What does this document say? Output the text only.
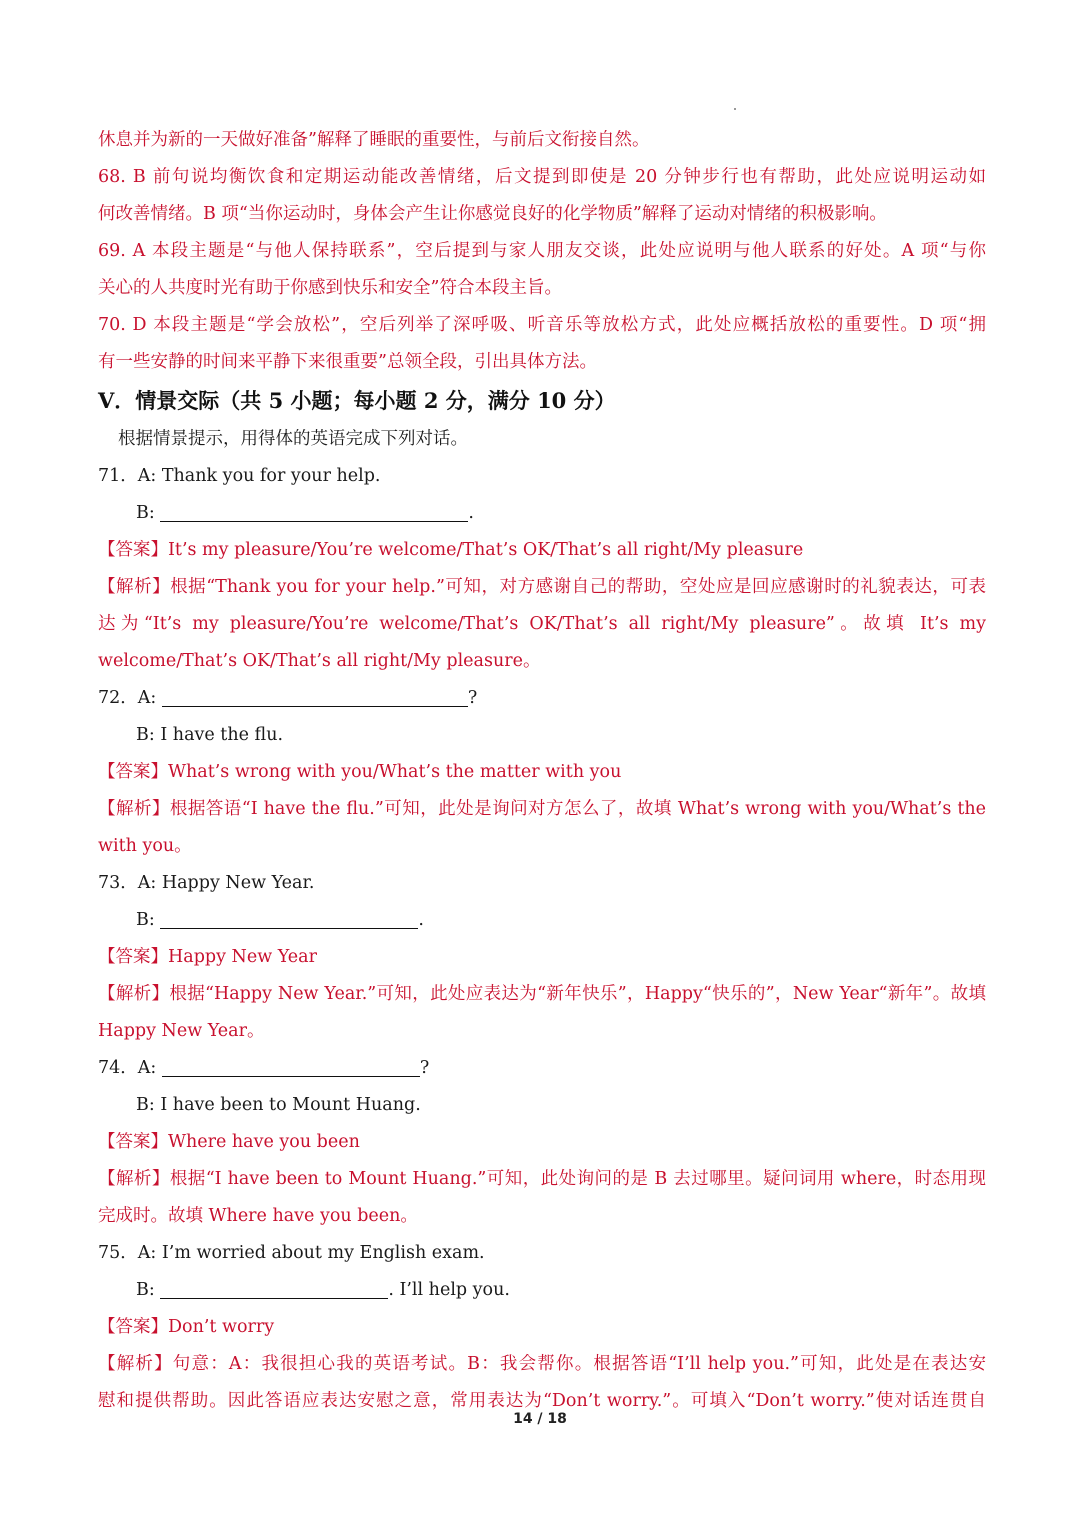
休息并为新的一天做好准备”解释了睡眠的重要性，与前后文衔接自然。
68. B 前句说均衡饮食和定期运动能改善情绪，后文提到即使是 20 分钟步行也有帮助，此处应说明运动如
何改善情绪。B 项“当你运动时，身体会产生让你感觉良好的化学物质”解释了运动对情绪的积极影响。
69. A 本段主题是“与他人保持联系”，空后提到与家人朋友交谈，此处应说明与他人联系的好处。A 项“与你
关心的人共度时光有助于你感到快乐和安全”符合本段主旨。
70. D 本段主题是“学会放松”，空后列举了深呼吸、听音乐等放松方式，此处应概括放松的重要性。D 项“拥
有一些安静的时间来平静下来很重要”总领全段，引出具体方法。
V．情景交际（共 5 小题；每小题 2 分，满分 10 分）
根据情景提示，用得体的英语完成下列对话。
71．A: Thank you for your help.
B:	.
【答案】It’s my pleasure/You’re welcome/That’s OK/That’s all right/My pleasure
【解析】根据“Thank you for your help.”可知，对方感谢自己的帮助，空处应是回应感谢时的礼貌表达，可表
达为“It’s my pleasure/You’re welcome/That’s OK/That’s all right/My pleasure”。故填 It’s my
welcome/That’s OK/That’s all right/My pleasure。
72．A:	?
B: I have the flu.
【答案】What’s wrong with you/What’s the matter with you
【解析】根据答语“I have the flu.”可知，此处是询问对方怎么了，故填 What’s wrong with you/What’s the
with you。
73．A: Happy New Year.
B:	.
【答案】Happy New Year
【解析】根据“Happy New Year.”可知，此处应表达为“新年快乐”，Happy“快乐的”，New Year“新年”。故填
Happy New Year。
74．A:	?
B: I have been to Mount Huang.
【答案】Where have you been
【解析】根据“I have been to Mount Huang.”可知，此处询问的是 B 去过哪里。疑问词用 where，时态用现
完成时。故填 Where have you been。
75．A: I’m worried about my English exam.
B:	. I’ll help you.
【答案】Don’t worry
【解析】句意：A：我很担心我的英语考试。B：我会帮你。根据答语“I’ll help you.”可知，此处是在表达安
慰和提供帮助。因此答语应表达安慰之意，常用表达为“Don’t worry.”。可填入“Don’t worry.”使对话连贯自
14 / 18
